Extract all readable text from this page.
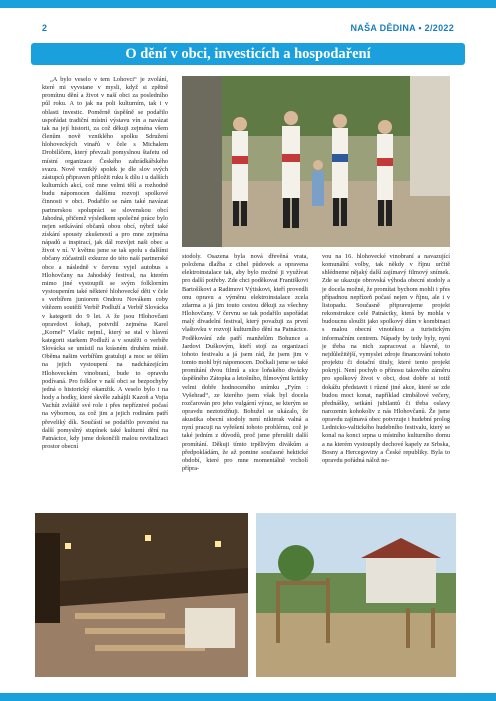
2	NAŠA DĚDINA • 2/2022
O dění v obci, investicích a hospodaření

„A bylo veselo v tem Lohovci“ je zvolání, které mi vyvstane v mysli, když si zpětně promítnu dění a život v naší obci za posledního půl roku. A to jak na poli kulturním, tak i v oblasti investic. Poměrně úspěšně se podařilo uspořádat tradiční místní výstavu vín a navázat tak na její historii, za což děkuji zejména všem členům nově vzniklého spolku Sdružení hlohoveckých vinařů v čele s Michalem Drobilíčem, který převzali pomyslnou štafetu od místní organizace Českého zahrádkářského svazu. Nově vzniklý spolek je dle slov svých zástupců připraven přiložit ruku k dílu i u dalších kulturních akcí, což mne velmi těší a rozhodně budu nápomocen dalšímu rozvoji spolkové činnosti v obci. Podařilo se nám také navázat partnerskou spolupráci se slovenskou obcí Jahodná, přičemž výsledkem společné práce bylo nejen setkávání občanů obou obcí, nýbrž také získání spousty zkušeností a pro mne zejména nápadů a inspirací, jak dál rozvíjet naši obec a život v ní. V květnu jsme se tak spolu s dalšími občany zúčastnili exkurze do této naší partnerské obce a následně v červnu vyjel autobus s Hlohovčany na Jahodský festival, na kterém mimo jiné vystoupili se svým folklorním vystoupením také některé hlohovecké děti v čele s verbířem juniorem Ondrou Novákem coby vítězem soutěží Verbíř Podluží a Verbíř Slovácka v kategorii do 9 let. A že jsou Hlohovčani opravdovi šohaji, potvrdil zejména Karel „Kornel“ Vlašic nejml., který se stal v hlavní kategorii starkem Podluží a v soutěži o verbíře Slovácka se umístil na krásném druhém místě. Oběma našim verbířům gratuluji a moc se těším na jejich vystoupení na nadcházejícím Hlohoveckém vinobraní, bude to opravdu podívaná. Pro folklor v naší obci se bezpochyby jedná o historický okamžik. A veselo bylo i na hody a hodky, které skvěle zahájili Kazoň a Vojta Vachůt zvláště své role i přes nepříznivé počasí na výbornou, za což jim a jejich rodinám patří převeliký dík. Součástí se podařilo povznést na další pomyslný stupínek také kulturní dění na Patnáctce, kdy jsme dokončili malou revitalizaci prostor obecní

stodoly. Osazena byla nová dřevěná vrata, položena dlažba z cihel půdovek a opravena elektroinstalace tak, aby bylo možné ji využívat pro další potřeby. Zde chci poděkovat Františkovi Bartošíkovi a Radimovi Výtiskovi, kteří provedli onu opravu a výměnu elektroinstalace zcela zdarma a já jim touto cestou děkuji za všechny Hlohovčany. V červnu se tak podařilo uspořádat malý divadelní festival, který považuji za první vlaštovku v rozvoji kulturního dění na Patnáctce. Poděkování zde patří manželům Bohunce a Jardovi Duškovým, kteří stojí za organizací tohoto festivalu a já jsem rád, že jsem jim v tomto mohl být nápomocen. Dočkali jsme se také promítání dvou filmů a sice loňského divácky úspěšného Zátopka a letošního, filmovými kritiky velmi dobře hodnoceného snímku „Fyím : Vyšehrad“, ze kterého jsem však byl docela rozčarován pro jeho vulgární výraz, se kterým se opravdu neztotožňuji. Bohužel se ukázalo, že akustika obecní stodoly není nikterak valná a nyní pracuji na vyřešení tohoto problému, což je také jedním z důvodů, proč jsme přerušili další promítání. Děkuji tímto trpělivým divákům a předpokládám, že až pomine současné hektické období, které pro mne momentálně vrcholí přípra-

vou na 16. hlohovecké vinobraní a navazující komunální volby, tak někdy v říjnu určitě shlédneme nějaký další zajímavý filmový snímek. Zde se ukazuje obrovská výhoda obecní stodoly a je docela možné, že promítat bychom mohli i přes případnou nepřízeň počasí nejen v říjnu, ale i v listopadu. Současně připravujeme projekt rekonstrukce celé Patnáctky, která by mohla v budoucnu sloužit jako spolkový dům v kombinaci s malou obecní vinotékou a turistickým informačním centrem. Nápady by tedy byly, nyní je třeba na nich zapracovat a hlavně, to nejdůležitější, vymyslet zdroje financování tohoto projektu či dotační tituly, které tento projekt pokryjí. Není pochyb o přínosu takového záměru pro spolkový život v obci, dost dobře si totiž dokážu představit i různé jiné akce, které se zde budou moct konat, například cimbálové večery, přednášky, setkání jubilantů či třeba oslavy narozenin kohokoliv z nás Hlohovčanů. Že jsme opravdu zajímavá obec potvrzuje i hudební prolog Lednicko-valtického hudebního festivalu, který se konal na konci srpna u místního kulturního domu a na kterém vystoupily dechové kapely ze Srbska, Bosny a Hercegoviny a České republiky. Byla to opravdu pořádná nálož ne-
